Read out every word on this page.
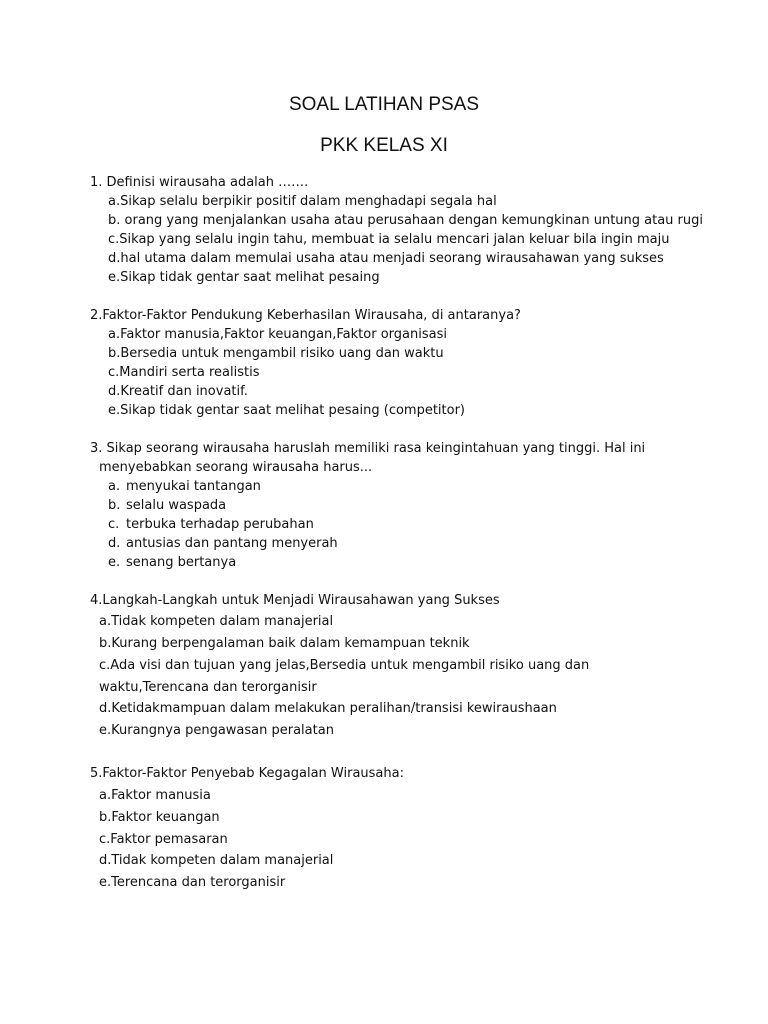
SOAL LATIHAN PSAS
PKK KELAS XI
1. Definisi wirausaha adalah …….
a.Sikap selalu berpikir positif dalam menghadapi segala hal
b. orang yang menjalankan usaha atau perusahaan dengan kemungkinan untung atau rugi
c.Sikap yang selalu ingin tahu, membuat ia selalu mencari jalan keluar bila ingin maju
d.hal utama dalam memulai usaha atau menjadi seorang wirausahawan yang sukses
e.Sikap tidak gentar saat melihat pesaing
2.Faktor-Faktor Pendukung Keberhasilan Wirausaha, di antaranya?
a.Faktor manusia,Faktor keuangan,Faktor organisasi
b.Bersedia untuk mengambil risiko uang dan waktu
c.Mandiri serta realistis
d.Kreatif dan inovatif.
e.Sikap tidak gentar saat melihat pesaing (competitor)
3. Sikap seorang wirausaha haruslah memiliki rasa keingintahuan yang tinggi. Hal ini
menyebabkan seorang wirausaha harus...
a. menyukai tantangan
b. selalu waspada
c. terbuka terhadap perubahan
d. antusias dan pantang menyerah
e. senang bertanya
4.Langkah-Langkah untuk Menjadi Wirausahawan yang Sukses
a.Tidak kompeten dalam manajerial
b.Kurang berpengalaman baik dalam kemampuan teknik
c.Ada visi dan tujuan yang jelas,Bersedia untuk mengambil risiko uang dan
waktu,Terencana dan terorganisir
d.Ketidakmampuan dalam melakukan peralihan/transisi kewiraushaan
e.Kurangnya pengawasan peralatan
5.Faktor-Faktor Penyebab Kegagalan Wirausaha:
a.Faktor manusia
b.Faktor keuangan
c.Faktor pemasaran
d.Tidak kompeten dalam manajerial
e.Terencana dan terorganisir
